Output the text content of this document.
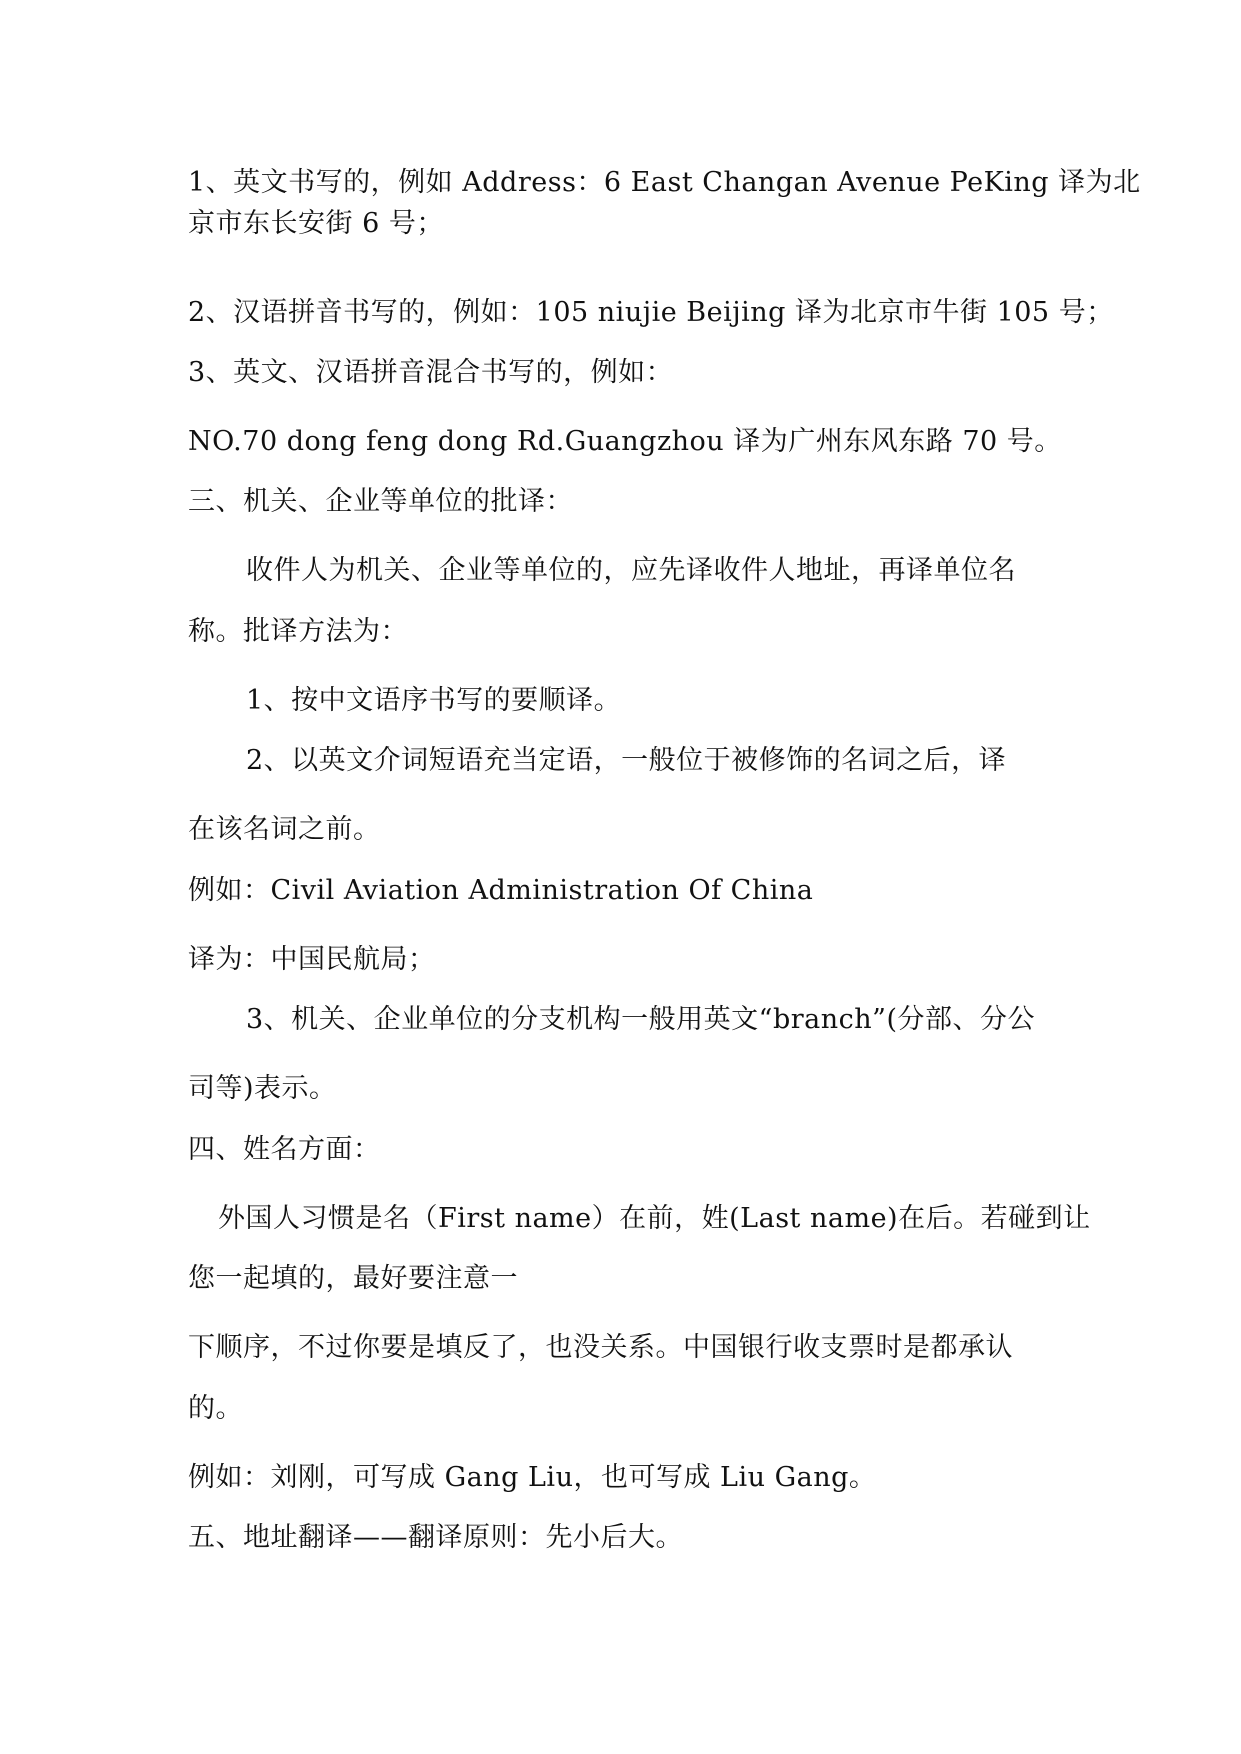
1、英文书写的，例如 Address：6 East Changan Avenue PeKing 译为北
京市东长安街 6 号；
2、汉语拼音书写的，例如：105 niujie Beijing 译为北京市牛街 105 号；
3、英文、汉语拼音混合书写的，例如：
NO.70 dong feng dong Rd.Guangzhou 译为广州东风东路 70 号。
三、机关、企业等单位的批译：
收件人为机关、企业等单位的，应先译收件人地址，再译单位名
称。批译方法为：
1、按中文语序书写的要顺译。
2、以英文介词短语充当定语，一般位于被修饰的名词之后，译
在该名词之前。
例如：Civil Aviation Administration Of China
译为：中国民航局；
3、机关、企业单位的分支机构一般用英文“branch”(分部、分公
司等)表示。
四、姓名方面：
外国人习惯是名（First name）在前，姓(Last name)在后。若碰到让
您一起填的，最好要注意一
下顺序，不过你要是填反了，也没关系。中国银行收支票时是都承认
的。
例如：刘刚，可写成 Gang Liu，也可写成 Liu Gang。
五、地址翻译——翻译原则：先小后大。
